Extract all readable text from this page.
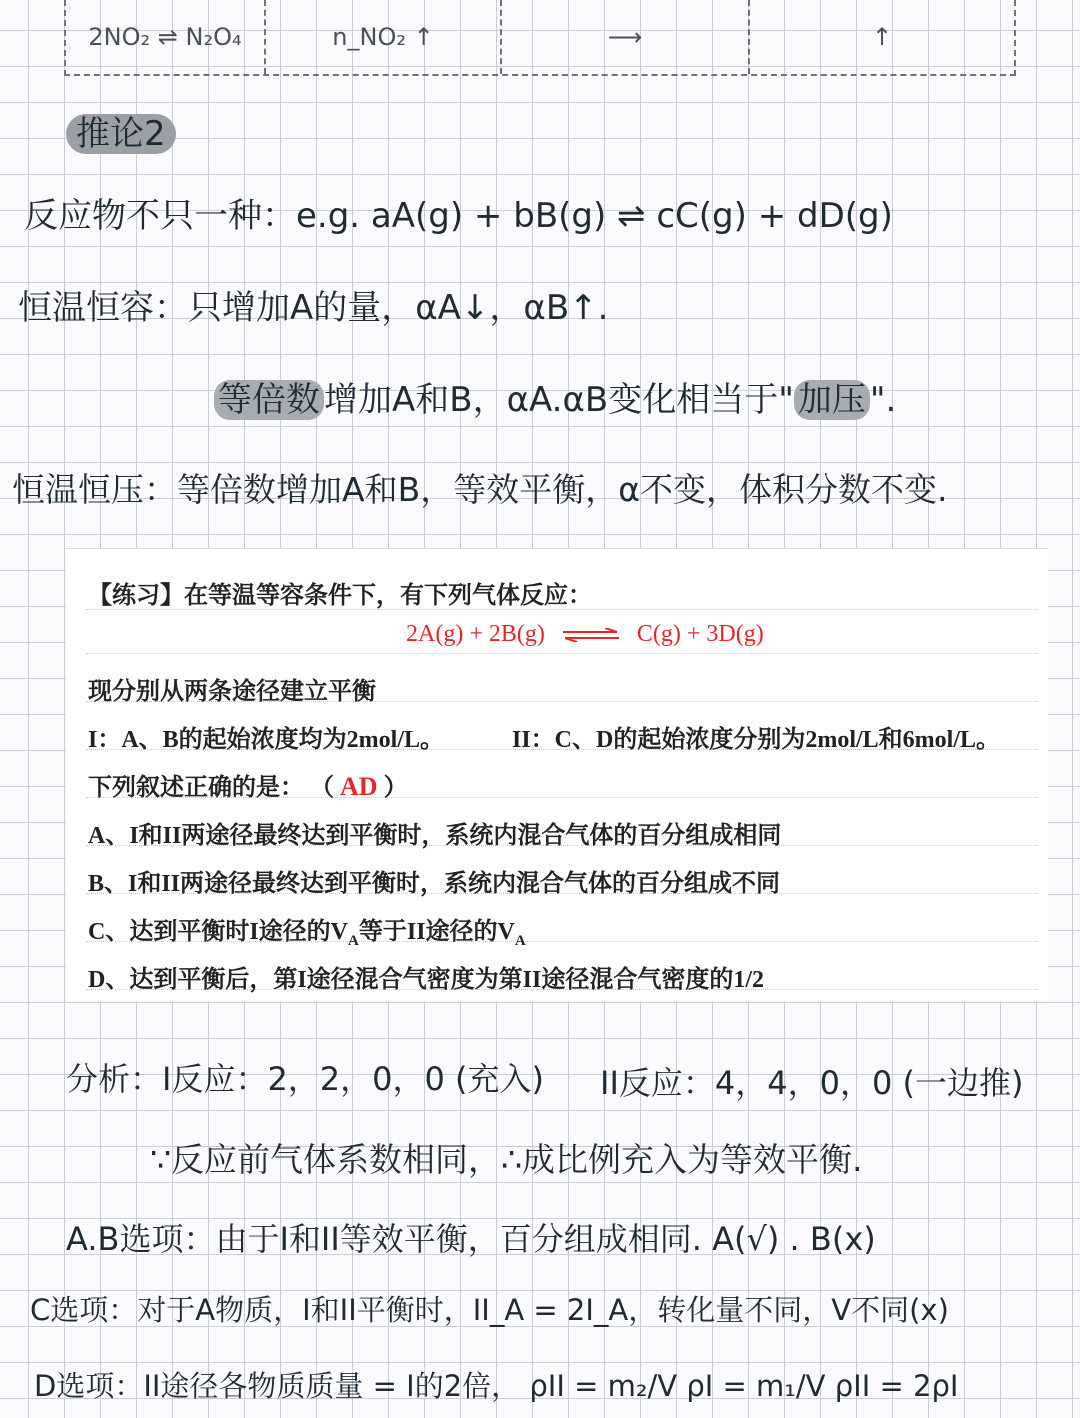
2NO₂ ⇌ N₂O₄	n_NO₂ ↑	⟶	↑
推论2
反应物不只一种：e.g. aA(g) + bB(g) ⇌ cC(g) + dD(g)
恒温恒容：只增加A的量，αA↓，αB↑.
等倍数 增加A和B，αA.αB变化相当于" 加压 ".
恒温恒压：等倍数增加A和B，等效平衡，α不变，体积分数不变.
【练习】在等温等容条件下，有下列气体反应：
2A(g) + 2B(g) ⇌ C(g) + 3D(g)
现分别从两条途径建立平衡
I：A、B的起始浓度均为2mol/L。	II：C、D的起始浓度分别为2mol/L和6mol/L。
下列叙述正确的是： （ AD ）
A、I和II两途径最终达到平衡时，系统内混合气体的百分组成相同
B、I和II两途径最终达到平衡时，系统内混合气体的百分组成不同
C、达到平衡时I途径的$V_A$等于II途径的$V_A$
D、达到平衡后，第I途径混合气密度为第II途径混合气密度的1/2
分析：I反应：2，2，0，0 (充入) II反应：4，4，0，0 (一边推)
∵反应前气体系数相同，∴成比例充入为等效平衡.
A.B选项：由于I和II等效平衡，百分组成相同. A(√) . B(x)
C选项：对于A物质，I和II平衡时，II_A = 2I_A，转化量不同，V不同(x)
D选项：II途径各物质质量 = I的2倍， ρII = m₂/V ρI = m₁/V ρII = 2ρI
